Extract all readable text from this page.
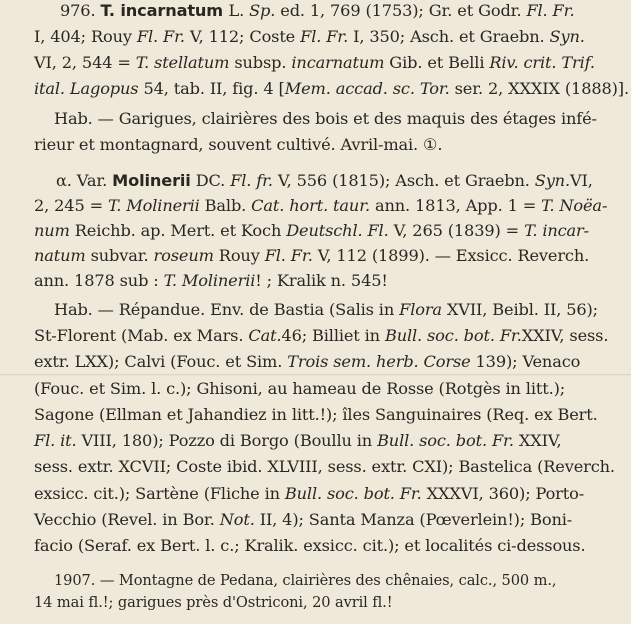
976. T. incarnatum L. Sp. ed. 1, 769 (1753); Gr. et Godr. Fl. Fr.
I, 404; Rouy Fl. Fr. V, 112; Coste Fl. Fr. I, 350; Asch. et Graebn. Syn.
VI, 2, 544 = T. stellatum subsp. incarnatum Gib. et Belli Riv. crit. Trif.
ital. Lagopus 54, tab. II, fig. 4 [Mem. accad. sc. Tor. ser. 2, XXXIX (1888)].
Hab. — Garigues, clairières des bois et des maquis des étages infé-
rieur et montagnard, souvent cultivé. Avril-mai. ①.
α. Var. Molinerii DC. Fl. fr. V, 556 (1815); Asch. et Graebn. Syn.VI,
2, 245 = T. Molinerii Balb. Cat. hort. taur. ann. 1813, App. 1 = T. Noëa-
num Reichb. ap. Mert. et Koch Deutschl. Fl. V, 265 (1839) = T. incar-
natum subvar. roseum Rouy Fl. Fr. V, 112 (1899). — Exsicc. Reverch.
ann. 1878 sub : T. Molinerii! ; Kralik n. 545!
Hab. — Répandue. Env. de Bastia (Salis in Flora XVII, Beibl. II, 56);
St-Florent (Mab. ex Mars. Cat.46; Billiet in Bull. soc. bot. Fr.XXIV, sess.
extr. LXX); Calvi (Fouc. et Sim. Trois sem. herb. Corse 139); Venaco
(Fouc. et Sim. l. c.); Ghisoni, au hameau de Rosse (Rotgès in litt.);
Sagone (Ellman et Jahandiez in litt.!); îles Sanguinaires (Req. ex Bert.
Fl. it. VIII, 180); Pozzo di Borgo (Boullu in Bull. soc. bot. Fr. XXIV,
sess. extr. XCVII; Coste ibid. XLVIII, sess. extr. CXI); Bastelica (Reverch.
exsicc. cit.); Sartène (Fliche in Bull. soc. bot. Fr. XXXVI, 360); Porto-
Vecchio (Revel. in Bor. Not. II, 4); Santa Manza (Pœverlein!); Boni-
facio (Seraf. ex Bert. l. c.; Kralik. exsicc. cit.); et localités ci-dessous.
1907. — Montagne de Pedana, clairières des chênaies, calc., 500 m.,
14 mai fl.!; garigues près d'Ostriconi, 20 avril fl.!
